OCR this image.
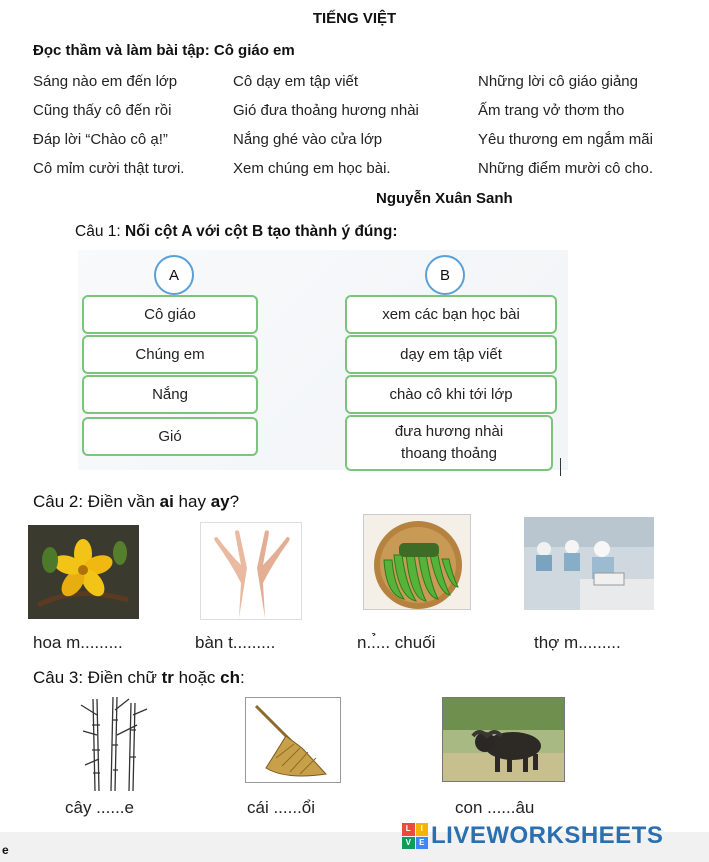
TIẾNG VIỆT
Đọc thầm và làm bài tập: Cô giáo em
Sáng nào em đến lớp
Cũng thấy cô đến rồi
Đáp lời “Chào cô ạ!”
Cô mỉm cười thật tươi.
Cô dạy em tập viết
Gió đưa thoảng hương nhài
Nắng ghé vào cửa lớp
Xem chúng em học bài.
Những lời cô giáo giảng
Ấm trang vở thơm tho
Yêu thương em ngắm mãi
Những điểm mười cô cho.
Nguyễn Xuân Sanh
Câu 1: Nối cột A với cột B tạo thành ý đúng:
A	B
Cô giáo
Chúng em
Nắng
Gió
xem các bạn học bài
dạy em tập viết
chào cô khi tới lớp
đưa hương nhài thoang thoảng
Câu 2: Điền vần ai hay ay?
hoa m.........	bàn t.........	n..̉... chuối	thợ m.........
Câu 3: Điền chữ tr hoặc ch:
cây ......e	cái ......ổi	con ......âu
e
L	I
V	E LIVEWORKSHEETS
